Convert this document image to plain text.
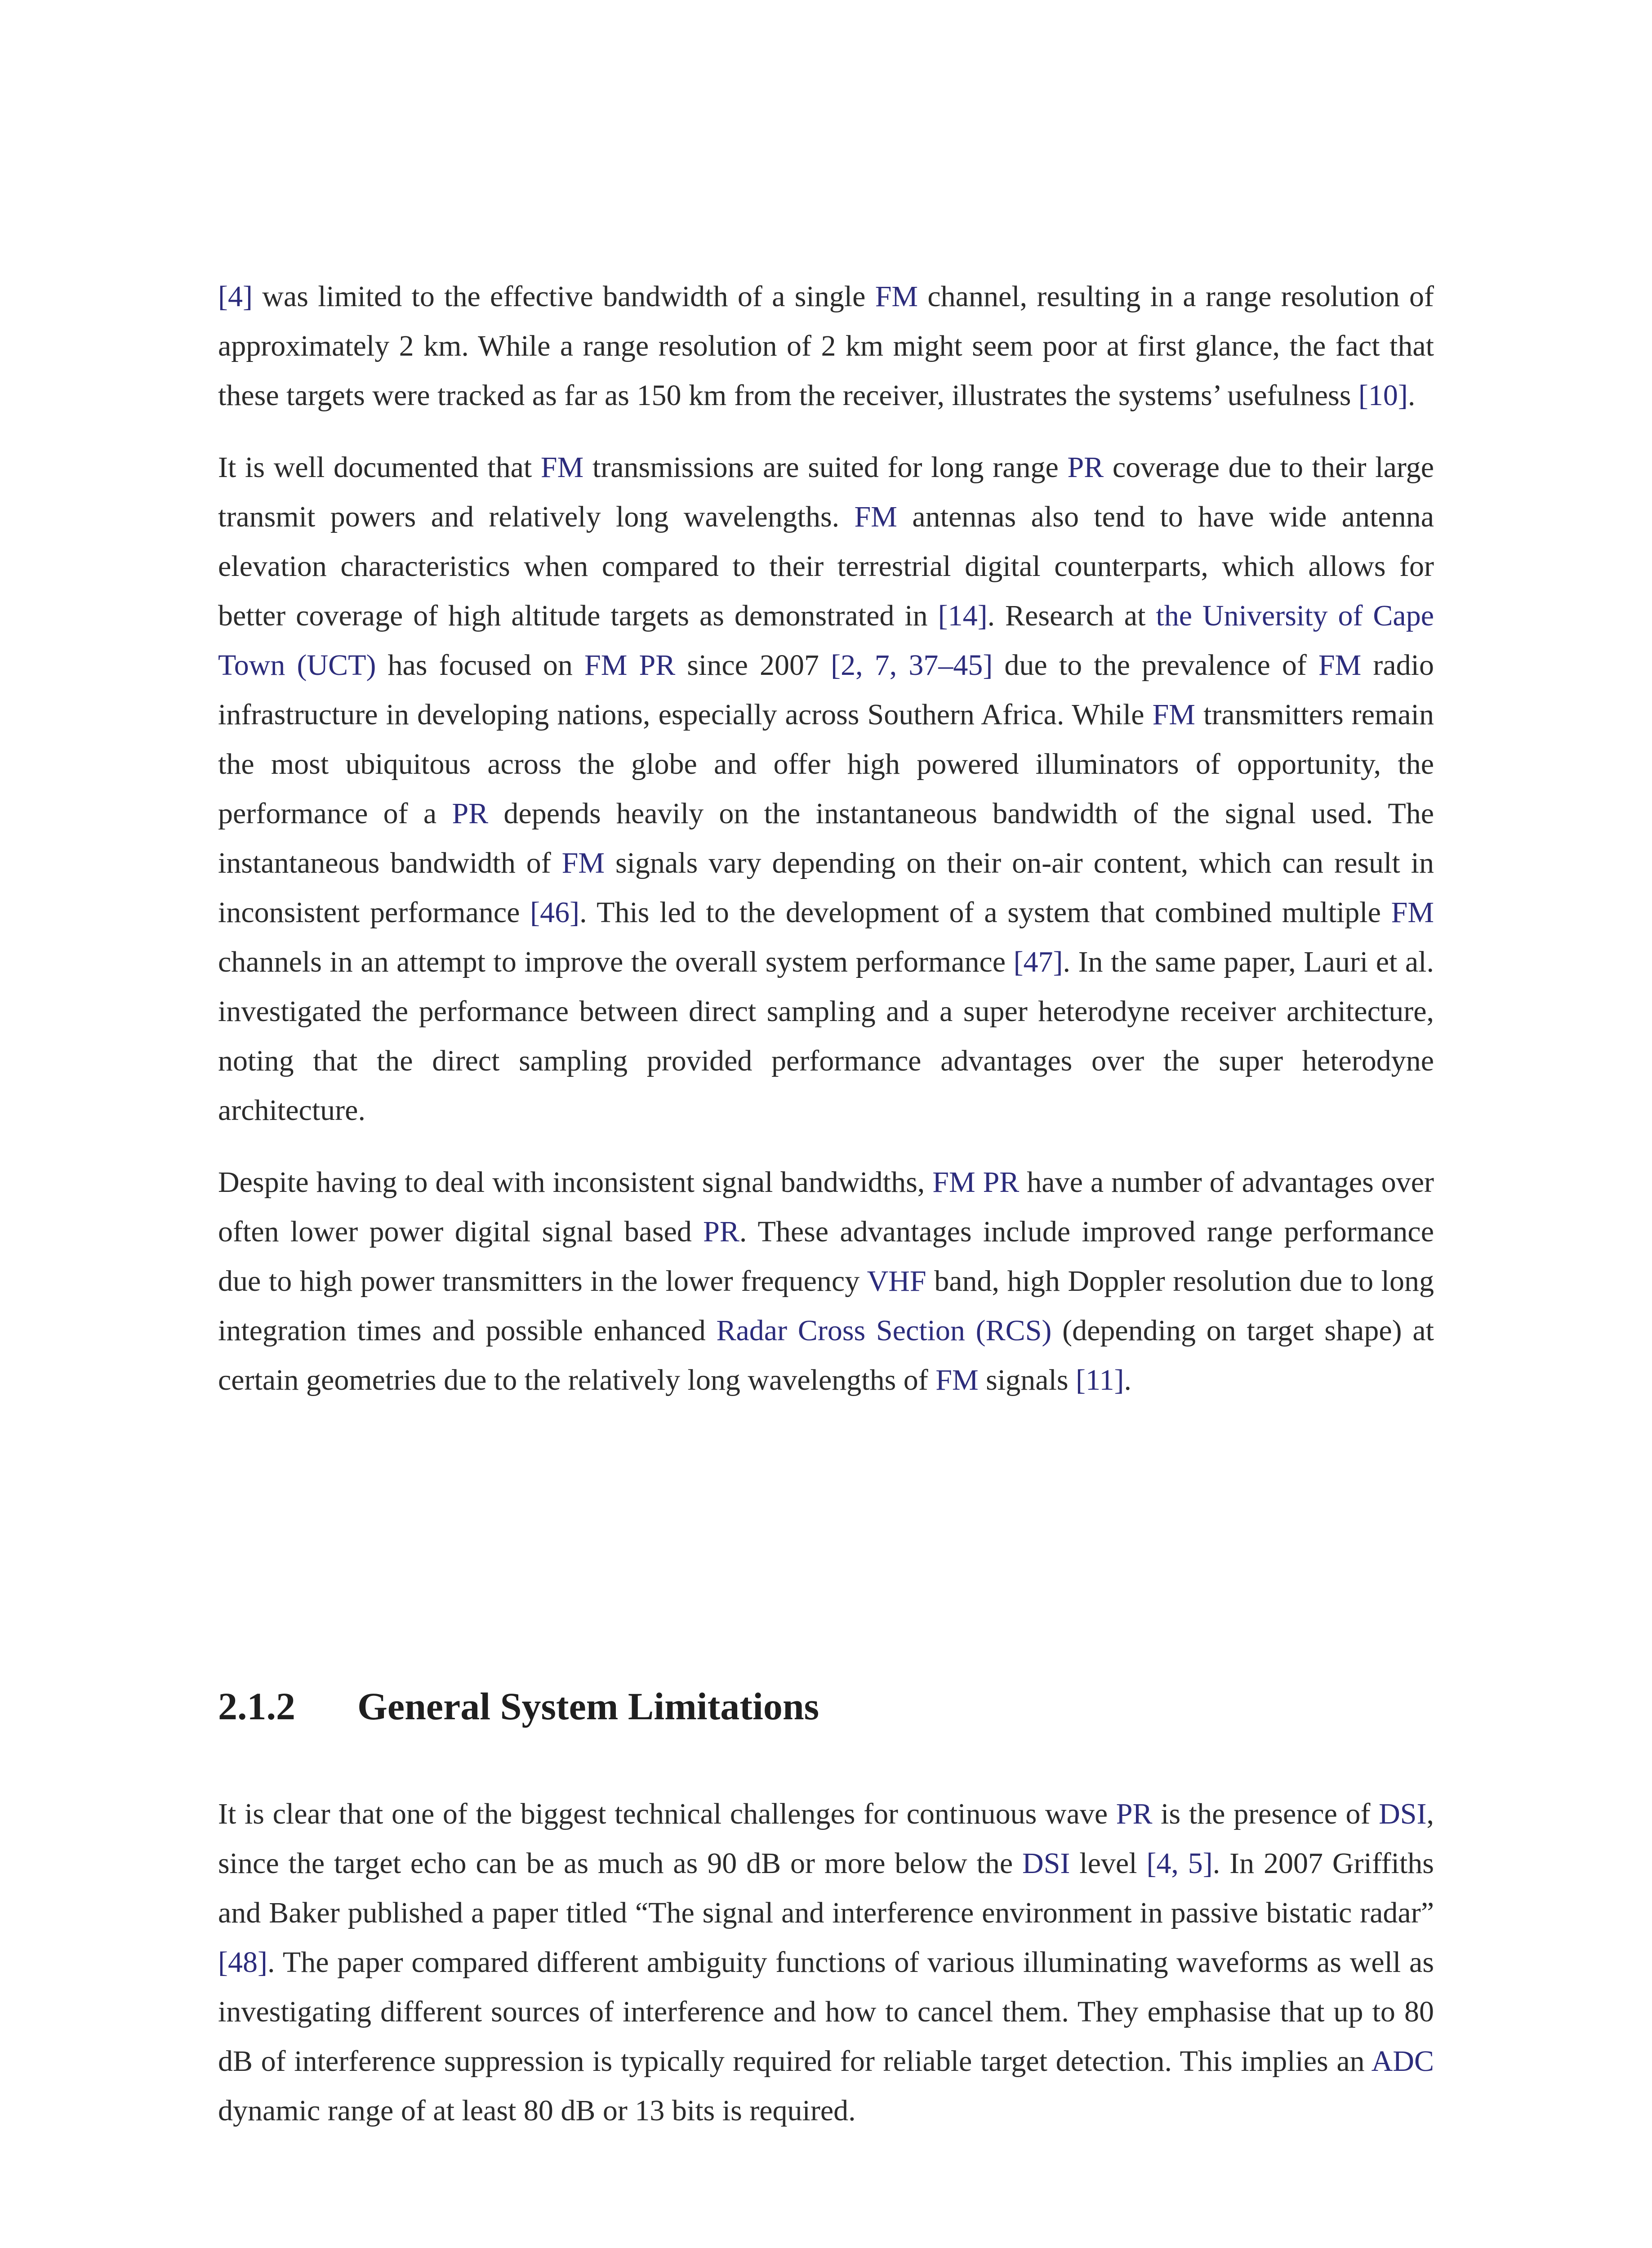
[4] was limited to the effective bandwidth of a single FM channel, resulting in a range resolution of approximately 2 km. While a range resolution of 2 km might seem poor at first glance, the fact that these targets were tracked as far as 150 km from the receiver, illustrates the systems’ usefulness [10].

It is well documented that FM transmissions are suited for long range PR coverage due to their large transmit powers and relatively long wavelengths. FM antennas also tend to have wide antenna elevation characteristics when compared to their terrestrial digital counterparts, which allows for better coverage of high altitude targets as demonstrated in [14]. Research at the University of Cape Town (UCT) has focused on FM PR since 2007 [2, 7, 37–45] due to the prevalence of FM radio infrastructure in developing nations, especially across Southern Africa. While FM transmitters remain the most ubiquitous across the globe and offer high powered illuminators of opportunity, the performance of a PR depends heavily on the instantaneous bandwidth of the signal used. The instantaneous bandwidth of FM signals vary depending on their on-air content, which can result in inconsistent performance [46]. This led to the development of a system that combined multiple FM channels in an attempt to improve the overall system performance [47]. In the same paper, Lauri et al. investigated the performance between direct sampling and a super heterodyne receiver architecture, noting that the direct sampling provided performance advantages over the super heterodyne architecture.

Despite having to deal with inconsistent signal bandwidths, FM PR have a number of advantages over often lower power digital signal based PR. These advantages include improved range performance due to high power transmitters in the lower frequency VHF band, high Doppler resolution due to long integration times and possible enhanced Radar Cross Section (RCS) (depending on target shape) at certain geometries due to the relatively long wavelengths of FM signals [11].

2.1.2 General System Limitations

It is clear that one of the biggest technical challenges for continuous wave PR is the presence of DSI, since the target echo can be as much as 90 dB or more below the DSI level [4, 5]. In 2007 Griffiths and Baker published a paper titled “The signal and interference environment in passive bistatic radar” [48]. The paper compared different ambiguity functions of various illuminating waveforms as well as investigating different sources of interference and how to cancel them. They emphasise that up to 80 dB of interference suppression is typically required for reliable target detection. This implies an ADC dynamic range of at least 80 dB or 13 bits is required.
